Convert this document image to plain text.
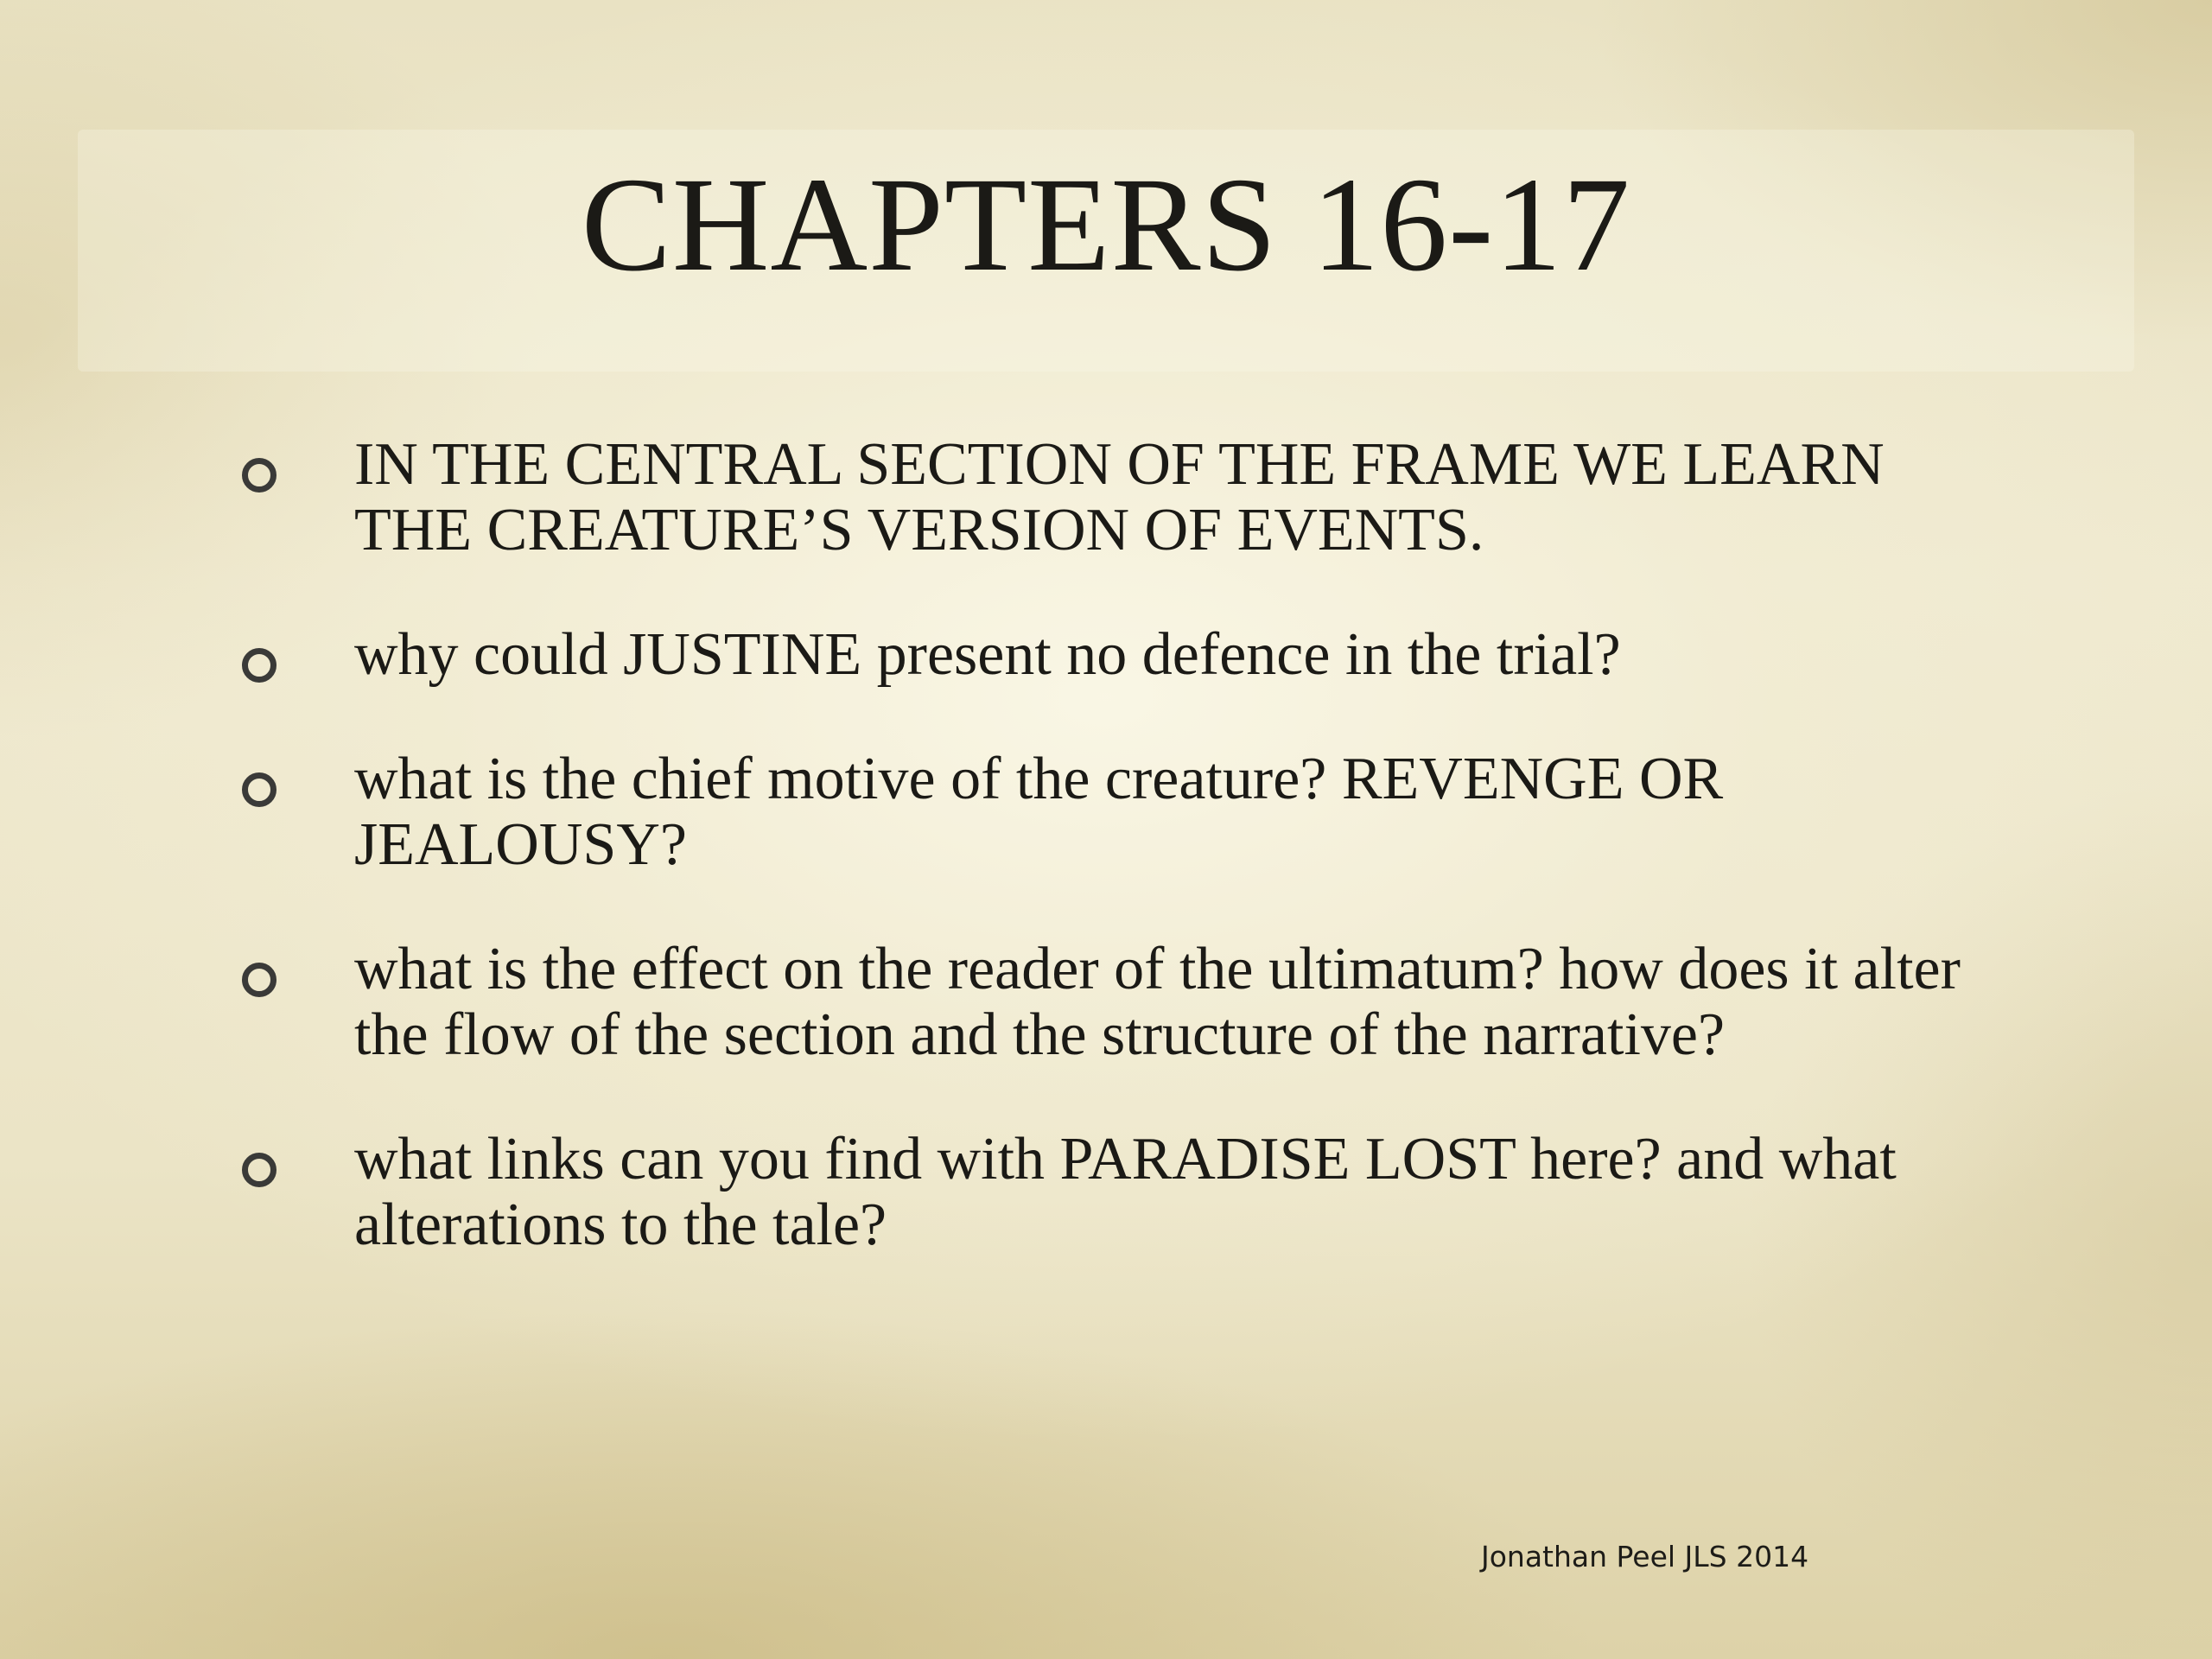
CHAPTERS 16-17
IN THE CENTRAL SECTION OF THE FRAME WE LEARN THE CREATURE’S VERSION OF EVENTS.
why could JUSTINE present no defence in the trial?
what is the chief motive of the creature? REVENGE OR JEALOUSY?
what is the effect on the reader of the ultimatum? how does it alter the flow of the section and the structure of the narrative?
what links can you find with PARADISE LOST here? and what alterations to the tale?
Jonathan Peel JLS 2014
